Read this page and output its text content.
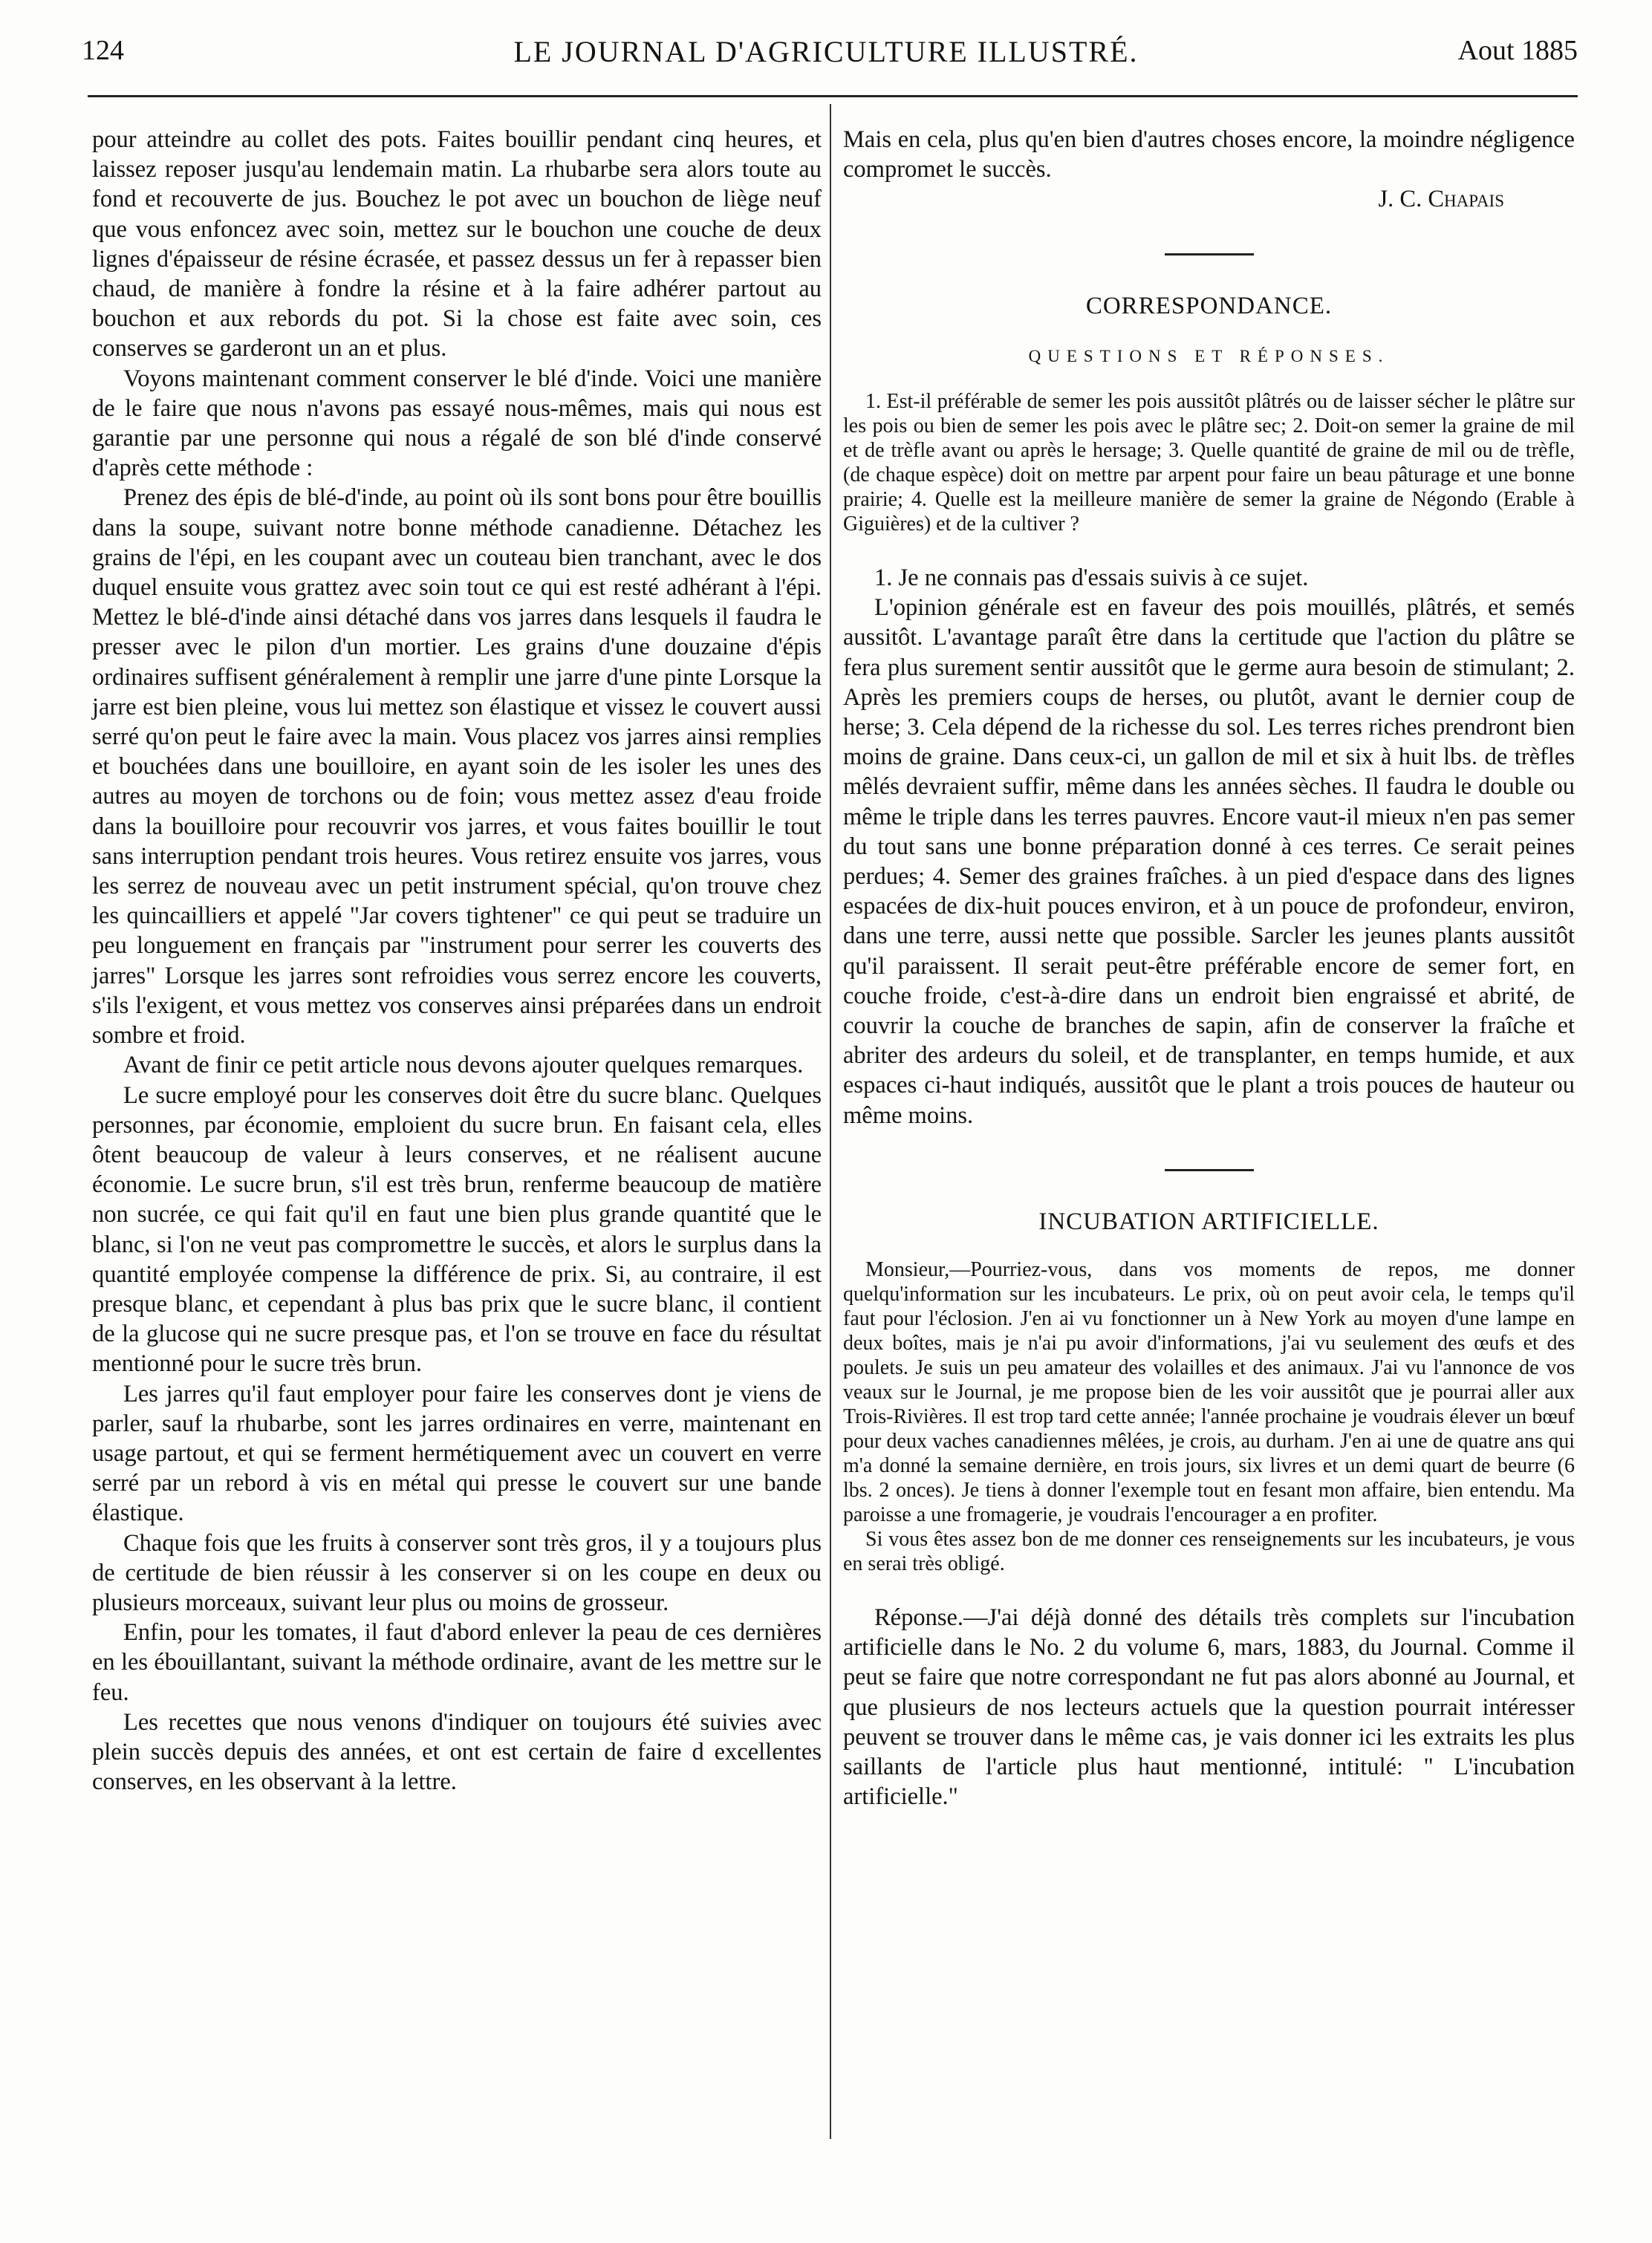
124	LE JOURNAL D'AGRICULTURE ILLUSTRÉ.	Aout 1885

pour atteindre au collet des pots. Faites bouillir pendant cinq heures, et laissez reposer jusqu'au lendemain matin. La rhubarbe sera alors toute au fond et recouverte de jus. Bouchez le pot avec un bouchon de liège neuf que vous enfoncez avec soin, mettez sur le bouchon une couche de deux lignes d'épaisseur de résine écrasée, et passez dessus un fer à repasser bien chaud, de manière à fondre la résine et à la faire adhérer partout au bouchon et aux rebords du pot. Si la chose est faite avec soin, ces conserves se garderont un an et plus.

Voyons maintenant comment conserver le blé d'inde. Voici une manière de le faire que nous n'avons pas essayé nous-mêmes, mais qui nous est garantie par une personne qui nous a régalé de son blé d'inde conservé d'après cette méthode :

Prenez des épis de blé-d'inde, au point où ils sont bons pour être bouillis dans la soupe, suivant notre bonne méthode canadienne. Détachez les grains de l'épi, en les coupant avec un couteau bien tranchant, avec le dos duquel ensuite vous grattez avec soin tout ce qui est resté adhérant à l'épi. Mettez le blé-d'inde ainsi détaché dans vos jarres dans lesquels il faudra le presser avec le pilon d'un mortier. Les grains d'une douzaine d'épis ordinaires suffisent généralement à remplir une jarre d'une pinte Lorsque la jarre est bien pleine, vous lui mettez son élastique et vissez le couvert aussi serré qu'on peut le faire avec la main. Vous placez vos jarres ainsi remplies et bouchées dans une bouilloire, en ayant soin de les isoler les unes des autres au moyen de torchons ou de foin; vous mettez assez d'eau froide dans la bouilloire pour recouvrir vos jarres, et vous faites bouillir le tout sans interruption pendant trois heures. Vous retirez ensuite vos jarres, vous les serrez de nouveau avec un petit instrument spécial, qu'on trouve chez les quincailliers et appelé "Jar covers tightener" ce qui peut se traduire un peu longuement en français par "instrument pour serrer les couverts des jarres" Lorsque les jarres sont refroidies vous serrez encore les couverts, s'ils l'exigent, et vous mettez vos conserves ainsi préparées dans un endroit sombre et froid.

Avant de finir ce petit article nous devons ajouter quelques remarques.

Le sucre employé pour les conserves doit être du sucre blanc. Quelques personnes, par économie, emploient du sucre brun. En faisant cela, elles ôtent beaucoup de valeur à leurs conserves, et ne réalisent aucune économie. Le sucre brun, s'il est très brun, renferme beaucoup de matière non sucrée, ce qui fait qu'il en faut une bien plus grande quantité que le blanc, si l'on ne veut pas compromettre le succès, et alors le surplus dans la quantité employée compense la différence de prix. Si, au contraire, il est presque blanc, et cependant à plus bas prix que le sucre blanc, il contient de la glucose qui ne sucre presque pas, et l'on se trouve en face du résultat mentionné pour le sucre très brun.

Les jarres qu'il faut employer pour faire les conserves dont je viens de parler, sauf la rhubarbe, sont les jarres ordinaires en verre, maintenant en usage partout, et qui se ferment hermétiquement avec un couvert en verre serré par un rebord à vis en métal qui presse le couvert sur une bande élastique.

Chaque fois que les fruits à conserver sont très gros, il y a toujours plus de certitude de bien réussir à les conserver si on les coupe en deux ou plusieurs morceaux, suivant leur plus ou moins de grosseur.

Enfin, pour les tomates, il faut d'abord enlever la peau de ces dernières en les ébouillantant, suivant la méthode ordinaire, avant de les mettre sur le feu.

Les recettes que nous venons d'indiquer on toujours été suivies avec plein succès depuis des années, et ont est certain de faire d excellentes conserves, en les observant à la lettre.

Mais en cela, plus qu'en bien d'autres choses encore, la moindre négligence compromet le succès.

J. C. Chapais

CORRESPONDANCE.
QUESTIONS ET RÉPONSES.

1. Est-il préférable de semer les pois aussitôt plâtrés ou de laisser sécher le plâtre sur les pois ou bien de semer les pois avec le plâtre sec; 2. Doit-on semer la graine de mil et de trèfle avant ou après le hersage; 3. Quelle quantité de graine de mil ou de trèfle, (de chaque espèce) doit on mettre par arpent pour faire un beau pâturage et une bonne prairie; 4. Quelle est la meilleure manière de semer la graine de Négondo (Erable à Giguières) et de la cultiver ?

1. Je ne connais pas d'essais suivis à ce sujet.

L'opinion générale est en faveur des pois mouillés, plâtrés, et semés aussitôt. L'avantage paraît être dans la certitude que l'action du plâtre se fera plus surement sentir aussitôt que le germe aura besoin de stimulant; 2. Après les premiers coups de herses, ou plutôt, avant le dernier coup de herse; 3. Cela dépend de la richesse du sol. Les terres riches prendront bien moins de graine. Dans ceux-ci, un gallon de mil et six à huit lbs. de trèfles mêlés devraient suffir, même dans les années sèches. Il faudra le double ou même le triple dans les terres pauvres. Encore vaut-il mieux n'en pas semer du tout sans une bonne préparation donné à ces terres. Ce serait peines perdues; 4. Semer des graines fraîches. à un pied d'espace dans des lignes espacées de dix-huit pouces environ, et à un pouce de profondeur, environ, dans une terre, aussi nette que possible. Sarcler les jeunes plants aussitôt qu'il paraissent. Il serait peut-être préférable encore de semer fort, en couche froide, c'est-à-dire dans un endroit bien engraissé et abrité, de couvrir la couche de branches de sapin, afin de conserver la fraîche et abriter des ardeurs du soleil, et de transplanter, en temps humide, et aux espaces ci-haut indiqués, aussitôt que le plant a trois pouces de hauteur ou même moins.

INCUBATION ARTIFICIELLE.

Monsieur,—Pourriez-vous, dans vos moments de repos, me donner quelqu'information sur les incubateurs. Le prix, où on peut avoir cela, le temps qu'il faut pour l'éclosion. J'en ai vu fonctionner un à New York au moyen d'une lampe en deux boîtes, mais je n'ai pu avoir d'informations, j'ai vu seulement des œufs et des poulets. Je suis un peu amateur des volailles et des animaux. J'ai vu l'annonce de vos veaux sur le Journal, je me propose bien de les voir aussitôt que je pourrai aller aux Trois-Rivières. Il est trop tard cette année; l'année prochaine je voudrais élever un bœuf pour deux vaches canadiennes mêlées, je crois, au durham. J'en ai une de quatre ans qui m'a donné la semaine dernière, en trois jours, six livres et un demi quart de beurre (6 lbs. 2 onces). Je tiens à donner l'exemple tout en fesant mon affaire, bien entendu. Ma paroisse a une fromagerie, je voudrais l'encourager a en profiter.

Si vous êtes assez bon de me donner ces renseignements sur les incubateurs, je vous en serai très obligé.

Réponse.—J'ai déjà donné des détails très complets sur l'incubation artificielle dans le No. 2 du volume 6, mars, 1883, du Journal. Comme il peut se faire que notre correspondant ne fut pas alors abonné au Journal, et que plusieurs de nos lecteurs actuels que la question pourrait intéresser peuvent se trouver dans le même cas, je vais donner ici les extraits les plus saillants de l'article plus haut mentionné, intitulé: " L'incubation artificielle."
